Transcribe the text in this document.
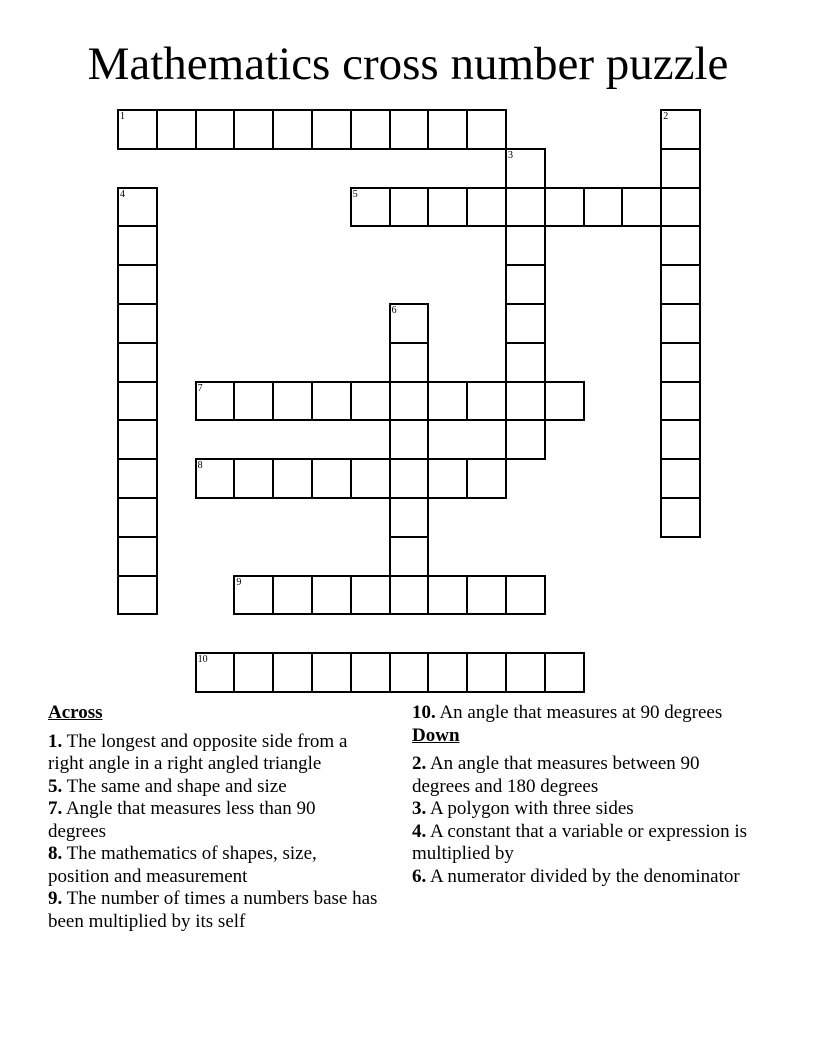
Mathematics cross number puzzle
1	2
3
4	5
6
7
8
9
10
Across

1. The longest and opposite side from a right angle in a right angled triangle

5. The same and shape and size

7. Angle that measures less than 90 degrees

8. The mathematics of shapes, size, position and measurement

9. The number of times a numbers base has been multiplied by its self

10. An angle that measures at 90 degrees

Down

2. An angle that measures between 90 degrees and 180 degrees

3. A polygon with three sides

4. A constant that a variable or expression is multiplied by

6. A numerator divided by the denominator
